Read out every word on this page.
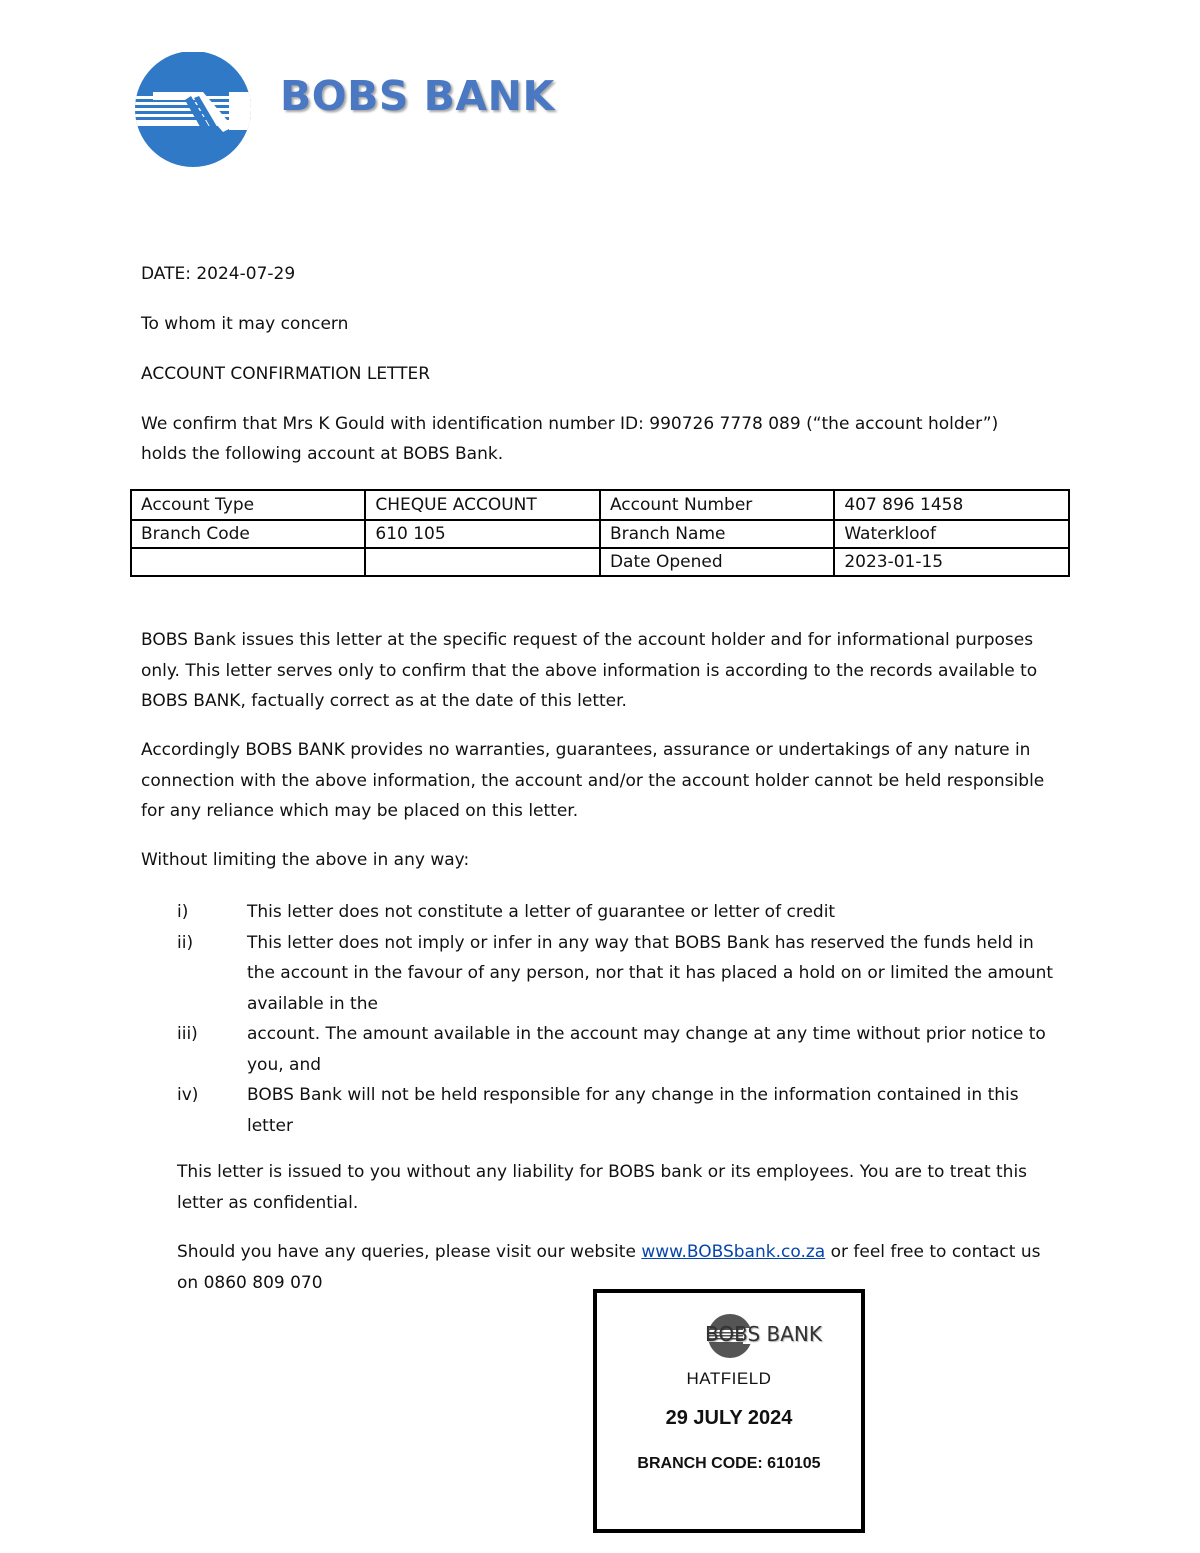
BOBS BANK
DATE: 2024-07-29
To whom it may concern
ACCOUNT CONFIRMATION LETTER
We confirm that Mrs K Gould with identification number ID: 990726 7778 089 (“the account holder”)
holds the following account at BOBS Bank.
Account Type	CHEQUE ACCOUNT	Account Number	407 896 1458
Branch Code	610 105	Branch Name	Waterkloof
		Date Opened	2023-01-15
BOBS Bank issues this letter at the specific request of the account holder and for informational purposes only. This letter serves only to confirm that the above information is according to the records available to BOBS BANK, factually correct as at the date of this letter.
Accordingly BOBS BANK provides no warranties, guarantees, assurance or undertakings of any nature in connection with the above information, the account and/or the account holder cannot be held responsible for any reliance which may be placed on this letter.
Without limiting the above in any way:
i)	This letter does not constitute a letter of guarantee or letter of credit
ii)	This letter does not imply or infer in any way that BOBS Bank has reserved the funds held in the account in the favour of any person, nor that it has placed a hold on or limited the amount available in the
iii)	account. The amount available in the account may change at any time without prior notice to you, and
iv)	BOBS Bank will not be held responsible for any change in the information contained in this letter
This letter is issued to you without any liability for BOBS bank or its employees. You are to treat this letter as confidential.
Should you have any queries, please visit our website www.BOBSbank.co.za or feel free to contact us on 0860 809 070
BOBS BANK
HATFIELD
29 JULY 2024
BRANCH CODE: 610105
